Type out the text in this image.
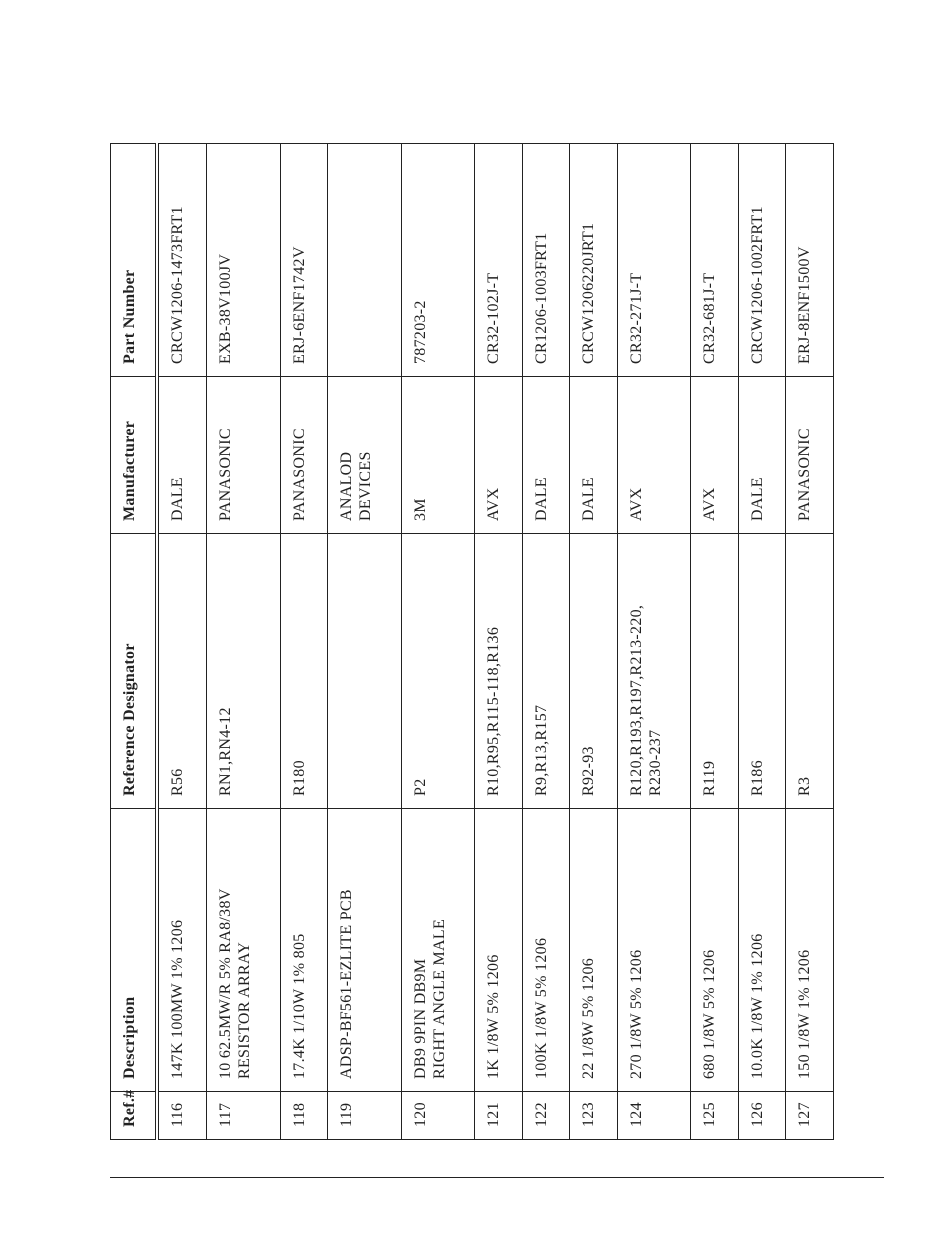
Ref.#	Description	Reference Designator	Manufacturer	Part Number

116	147K 100MW 1% 1206	R56	DALE	CRCW1206-1473FRT1

117	10 62.5MW/R 5% RA8/38V RESISTOR ARRAY	RN1,RN4-12	PANASONIC	EXB-38V100JV

118	17.4K 1/10W 1% 805	R180	PANASONIC	ERJ-6ENF1742V

119	ADSP-BF561-EZLITE PCB		ANALOD DEVICES	

120	DB9 9PIN DB9M RIGHT ANGLE MALE	P2	3M	787203-2

121	1K 1/8W 5% 1206	R10,R95,R115-118,R136	AVX	CR32-102J-T

122	100K 1/8W 5% 1206	R9,R13,R157	DALE	CR1206-1003FRT1

123	22 1/8W 5% 1206	R92-93	DALE	CRCW1206220JRT1

124	270 1/8W 5% 1206	R120,R193,R197,R213-220, R230-237	AVX	CR32-271J-T

125	680 1/8W 5% 1206	R119	AVX	CR32-681J-T

126	10.0K 1/8W 1% 1206	R186	DALE	CRCW1206-1002FRT1

127	150 1/8W 1% 1206	R3	PANASONIC	ERJ-8ENF1500V
